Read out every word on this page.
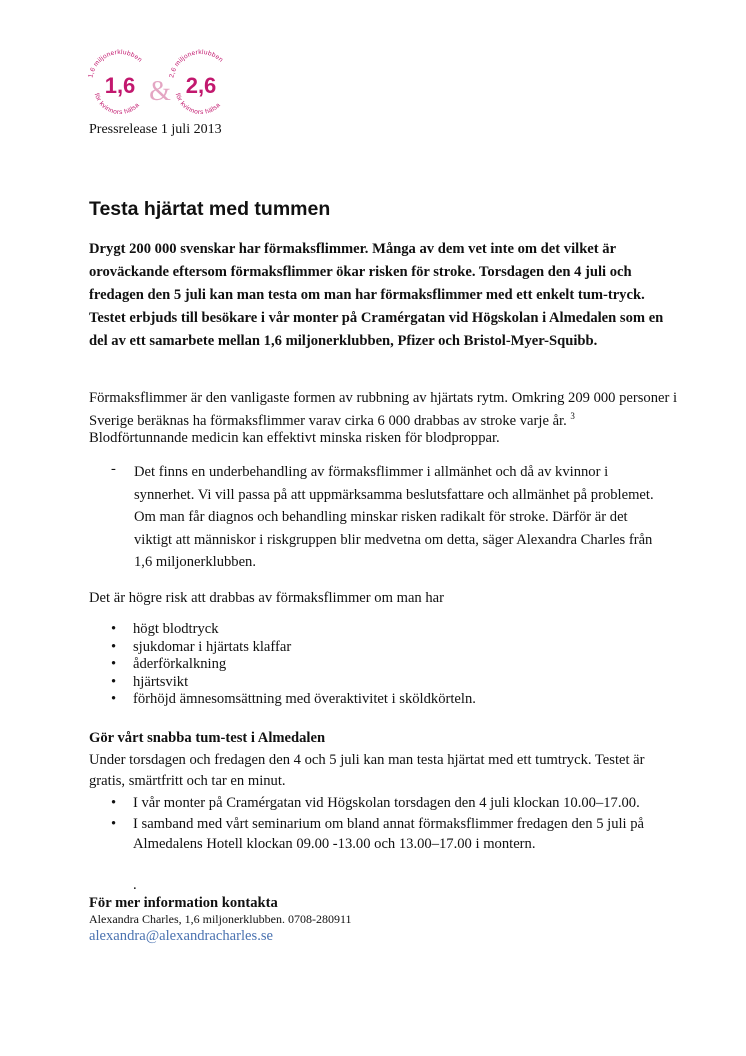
1,6 miljonerklubben
för kvinnors hälsa
2,6 miljonerklubben
för kvinnors hälsa
1,6 & 2,6
Pressrelease 1 juli 2013
Testa hjärtat med tummen

Drygt 200 000 svenskar har förmaksflimmer. Många av dem vet inte om det vilket är oroväckande eftersom förmaksflimmer ökar risken för stroke. Torsdagen den 4 juli och fredagen den 5 juli kan man testa om man har förmaksflimmer med ett enkelt tum-tryck. Testet erbjuds till besökare i vår monter på Cramérgatan vid Högskolan i Almedalen som en del av ett samarbete mellan 1,6 miljonerklubben, Pfizer och Bristol-Myer-Squibb.

Förmaksflimmer är den vanligaste formen av rubbning av hjärtats rytm. Omkring 209 000 personer i Sverige beräknas ha förmaksflimmer varav cirka 6 000 drabbas av stroke varje år. $^3$
Blodförtunnande medicin kan effektivt minska risken för blodproppar.

- Det finns en underbehandling av förmaksflimmer i allmänhet och då av kvinnor i synnerhet. Vi vill passa på att uppmärksamma beslutsfattare och allmänhet på problemet. Om man får diagnos och behandling minskar risken radikalt för stroke. Därför är det viktigt att människor i riskgruppen blir medvetna om detta, säger Alexandra Charles från 1,6 miljonerklubben.

Det är högre risk att drabbas av förmaksflimmer om man har

• högt blodtryck
• sjukdomar i hjärtats klaffar
• åderförkalkning
• hjärtsvikt
• förhöjd ämnesomsättning med överaktivitet i sköldkörteln.
Gör vårt snabba tum-test i Almedalen

Under torsdagen och fredagen den 4 och 5 juli kan man testa hjärtat med ett tumtryck. Testet är gratis, smärtfritt och tar en minut.

• I vår monter på Cramérgatan vid Högskolan torsdagen den 4 juli klockan 10.00–17.00.
• I samband med vårt seminarium om bland annat förmaksflimmer fredagen den 5 juli på Almedalens Hotell klockan 09.00 -13.00 och 13.00–17.00 i montern.
.
För mer information kontakta

Alexandra Charles, 1,6 miljonerklubben. 0708-280911

alexandra@alexandracharles.se
